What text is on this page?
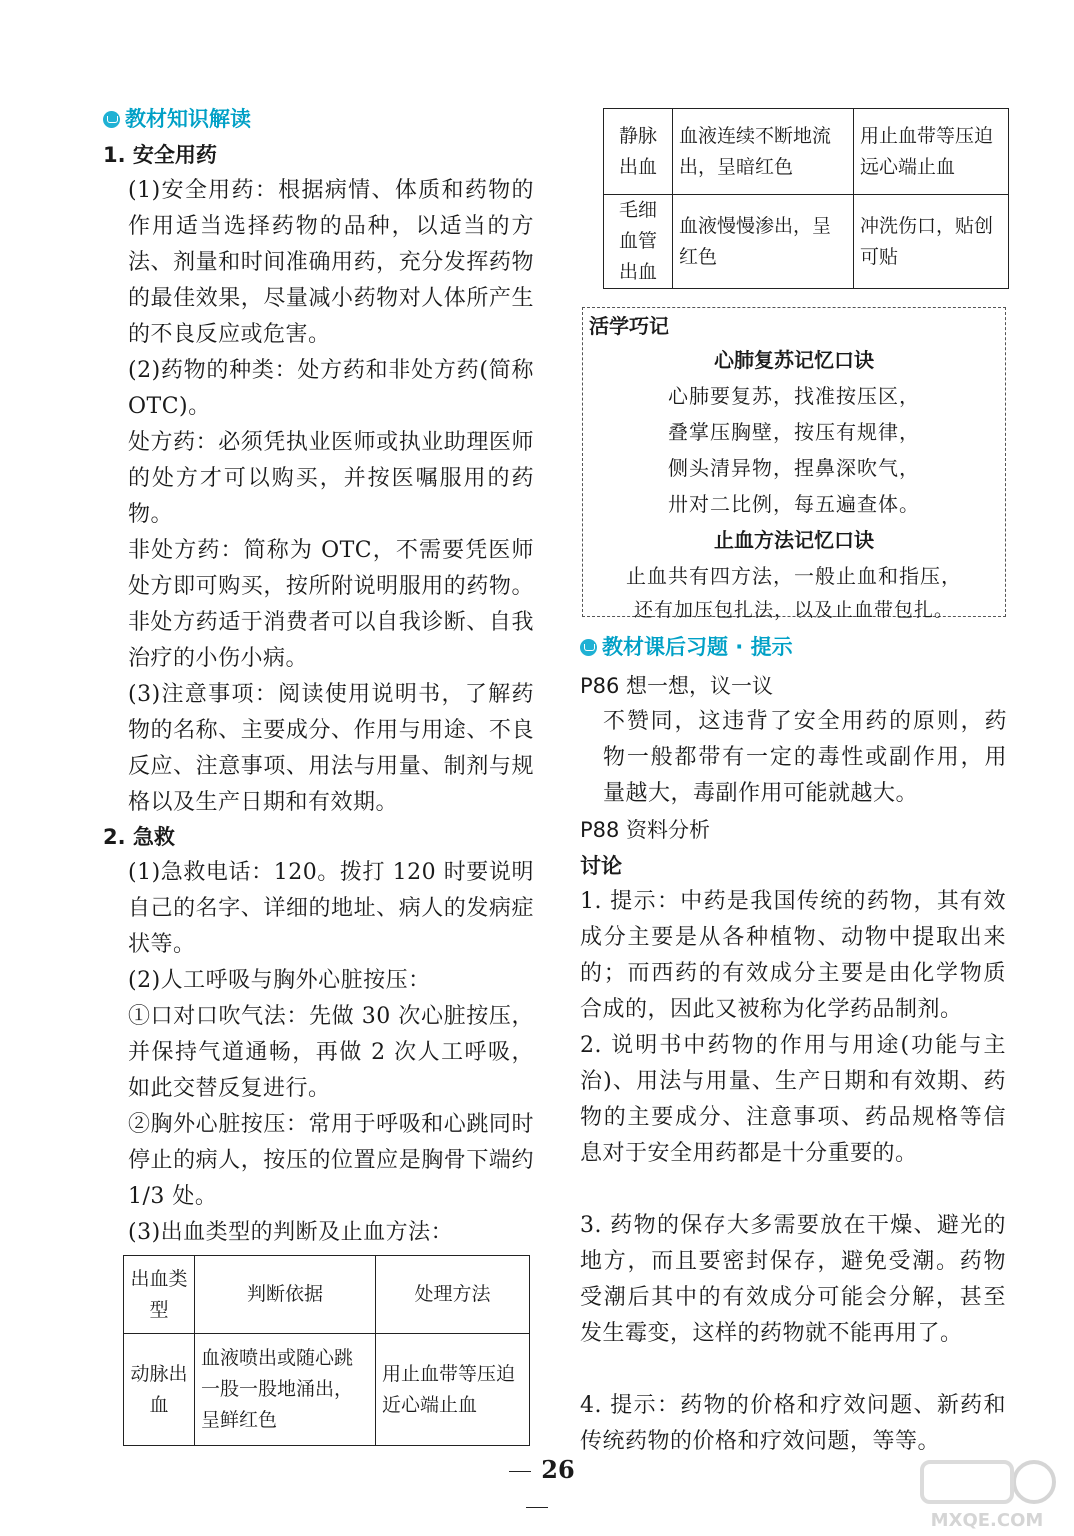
教材知识解读
1. 安全用药
(1)安全用药：根据病情、体质和药物的作用适当选择药物的品种，以适当的方法、剂量和时间准确用药，充分发挥药物的最佳效果，尽量减小药物对人体所产生的不良反应或危害。
(2)药物的种类：处方药和非处方药(简称 OTC)。
处方药：必须凭执业医师或执业助理医师的处方才可以购买，并按医嘱服用的药物。
非处方药：简称为 OTC，不需要凭医师处方即可购买，按所附说明服用的药物。非处方药适于消费者可以自我诊断、自我治疗的小伤小病。
(3)注意事项：阅读使用说明书，了解药物的名称、主要成分、作用与用途、不良反应、注意事项、用法与用量、制剂与规格以及生产日期和有效期。
2. 急救
(1)急救电话：120。拨打 120 时要说明自己的名字、详细的地址、病人的发病症状等。
(2)人工呼吸与胸外心脏按压：
①口对口吹气法：先做 30 次心脏按压，并保持气道通畅，再做 2 次人工呼吸，如此交替反复进行。
②胸外心脏按压：常用于呼吸和心跳同时停止的病人，按压的位置应是胸骨下端约 1/3 处。
(3)出血类型的判断及止血方法：
出血类型	判断依据	处理方法
动脉出血	血液喷出或随心跳一股一股地涌出，呈鲜红色	用止血带等压迫近心端止血
静脉出血	血液连续不断地流出，呈暗红色	用止血带等压迫远心端止血
毛细血管出血	血液慢慢渗出，呈红色	冲洗伤口，贴创可贴
活学巧记
心肺复苏记忆口诀
心肺要复苏，找准按压区，
叠掌压胸壁，按压有规律，
侧头清异物，捏鼻深吹气，
卅对二比例，每五遍查体。
止血方法记忆口诀
止血共有四方法，一般止血和指压，
还有加压包扎法，以及止血带包扎。
教材课后习题 · 提示
P86 想一想，议一议
不赞同，这违背了安全用药的原则，药物一般都带有一定的毒性或副作用，用量越大，毒副作用可能就越大。
P88 资料分析
讨论
1. 提示：中药是我国传统的药物，其有效成分主要是从各种植物、动物中提取出来的；而西药的有效成分主要是由化学物质合成的，因此又被称为化学药品制剂。
2. 说明书中药物的作用与用途(功能与主治)、用法与用量、生产日期和有效期、药物的主要成分、注意事项、药品规格等信息对于安全用药都是十分重要的。
3. 药物的保存大多需要放在干燥、避光的地方，而且要密封保存，避免受潮。药物受潮后其中的有效成分可能会分解，甚至发生霉变，这样的药物就不能再用了。
4. 提示：药物的价格和疗效问题、新药和传统药物的价格和疗效问题，等等。
26
MXQE.COM
